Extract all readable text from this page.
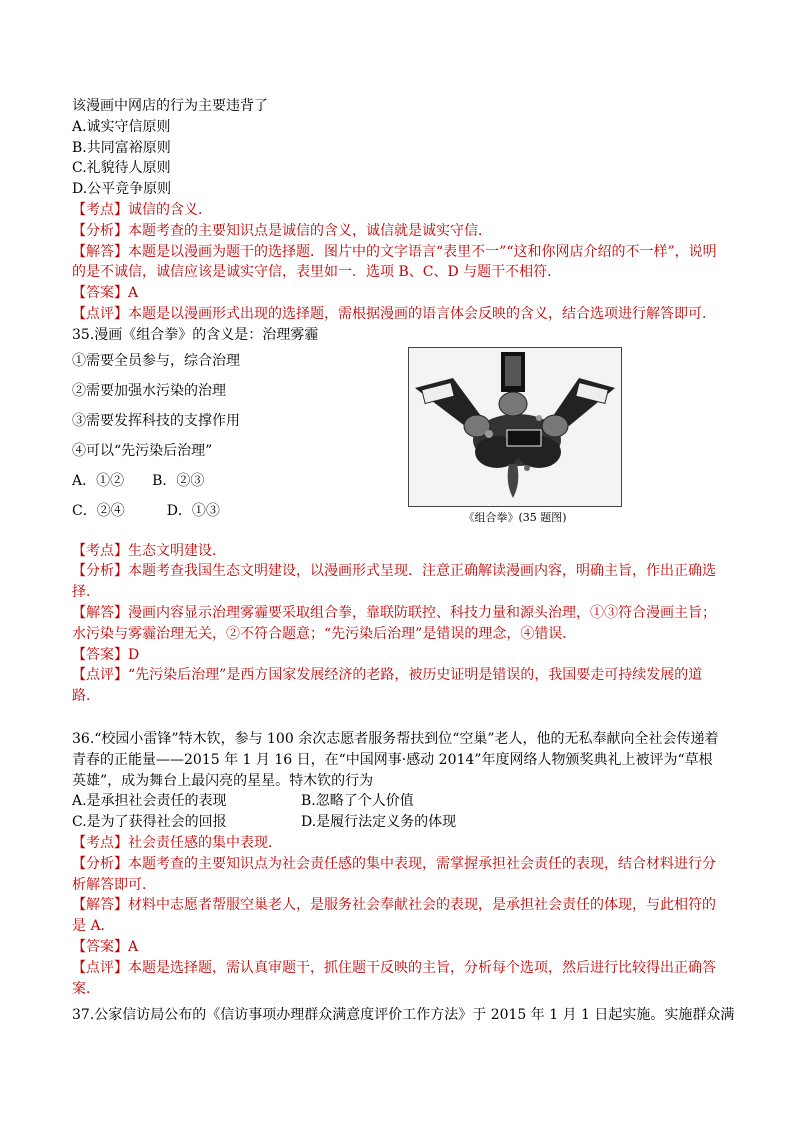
该漫画中网店的行为主要违背了
A.诚实守信原则
B.共同富裕原则
C.礼貌待人原则
D.公平竞争原则
【考点】诚信的含义．
【分析】本题考查的主要知识点是诚信的含义，诚信就是诚实守信．
【解答】本题是以漫画为题干的选择题．图片中的文字语言“表里不一”“这和你网店介绍的不一样”，说明的是不诚信，诚信应该是诚实守信，表里如一．选项 B、C、D 与题干不相符．
【答案】A
【点评】本题是以漫画形式出现的选择题，需根据漫画的语言体会反映的含义，结合选项进行解答即可．
35.漫画《组合拳》的含义是：治理雾霾
①需要全员参与，综合治理
②需要加强水污染的治理
③需要发挥科技的支撑作用
④可以“先污染后治理”
A．①②　　B．②③
C．②④　　　D．①③	《组合拳》(35 题图)
【考点】生态文明建设．
【分析】本题考查我国生态文明建设，以漫画形式呈现．注意正确解读漫画内容，明确主旨，作出正确选择．
【解答】漫画内容显示治理雾霾要采取组合拳，靠联防联控、科技力量和源头治理，①③符合漫画主旨；水污染与雾霾治理无关，②不符合题意；“先污染后治理”是错误的理念，④错误．
【答案】D
【点评】“先污染后治理”是西方国家发展经济的老路，被历史证明是错误的，我国要走可持续发展的道路．
36.“校园小雷锋”特木钦，参与 100 余次志愿者服务帮扶到位“空巢”老人，他的无私奉献向全社会传递着青春的正能量——2015 年 1 月 16 日，在“中国网事·感动 2014”年度网络人物颁奖典礼上被评为“草根英雄”，成为舞台上最闪亮的星星。特木钦的行为
A.是承担社会责任的表现	B.忽略了个人价值
C.是为了获得社会的回报	D.是履行法定义务的体现
【考点】社会责任感的集中表现．
【分析】本题考查的主要知识点为社会责任感的集中表现，需掌握承担社会责任的表现，结合材料进行分析解答即可．
【解答】材料中志愿者帮服空巢老人，是服务社会奉献社会的表现，是承担社会责任的体现，与此相符的是 A．
【答案】A
【点评】本题是选择题，需认真审题干，抓住题干反映的主旨，分析每个选项，然后进行比较得出正确答案．
37.公家信访局公布的《信访事项办理群众满意度评价工作方法》于 2015 年 1 月 1 日起实施。实施群众满
